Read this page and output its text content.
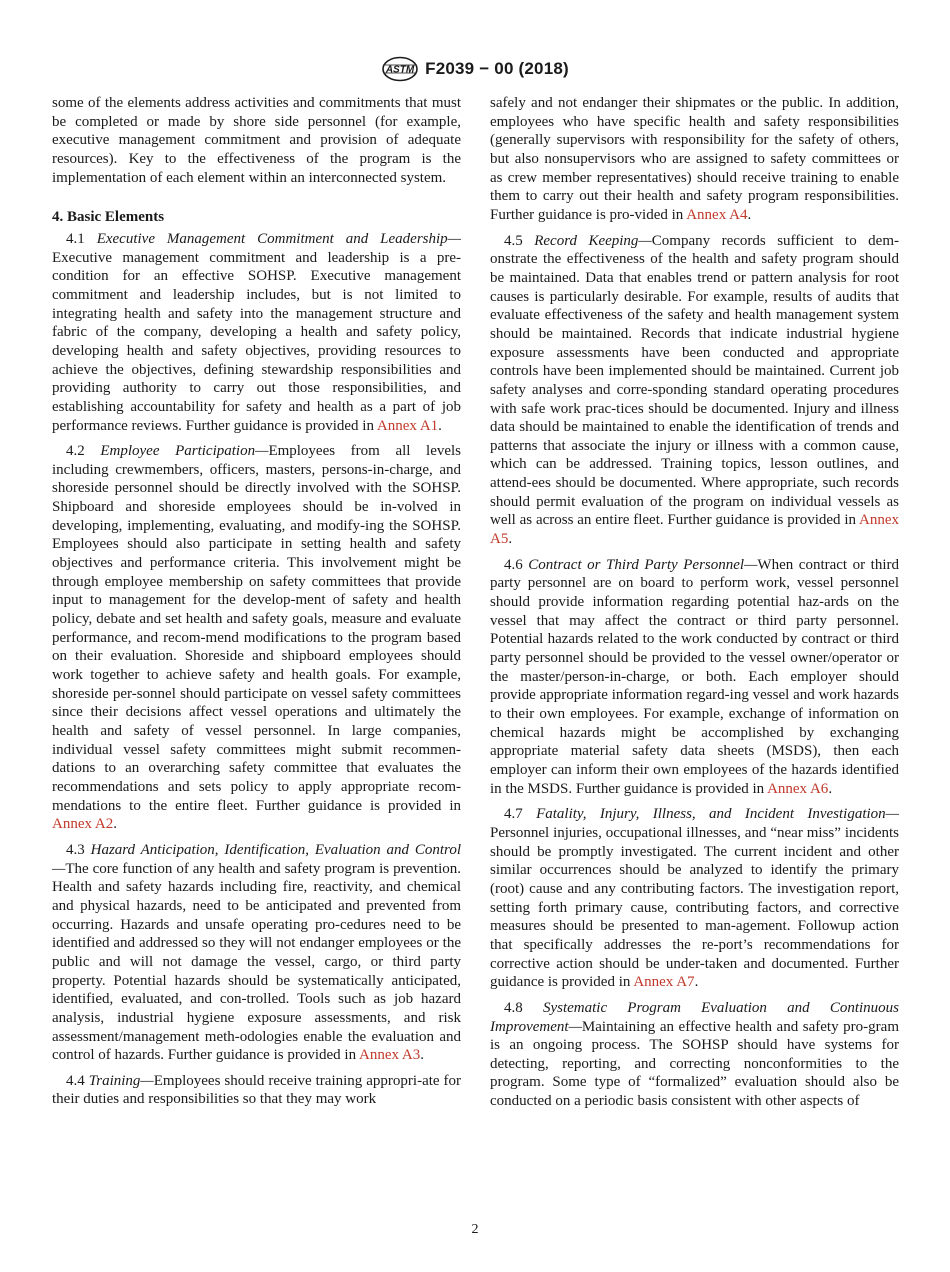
ASTM F2039 − 00 (2018)

some of the elements address activities and commitments that must be completed or made by shore side personnel (for example, executive management commitment and provision of adequate resources). Key to the effectiveness of the program is the implementation of each element within an interconnected system.

4. Basic Elements

4.1 Executive Management Commitment and Leadership—Executive management commitment and leadership is a pre-condition for an effective SOHSP. Executive management commitment and leadership includes, but is not limited to integrating health and safety into the management structure and fabric of the company, developing a health and safety policy, developing health and safety objectives, providing resources to achieve the objectives, defining stewardship responsibilities and providing authority to carry out those responsibilities, and establishing accountability for safety and health as a part of job performance reviews. Further guidance is provided in Annex A1.

4.2 Employee Participation—Employees from all levels including crewmembers, officers, masters, persons-in-charge, and shoreside personnel should be directly involved with the SOHSP. Shipboard and shoreside employees should be in-volved in developing, implementing, evaluating, and modify-ing the SOHSP. Employees should also participate in setting health and safety objectives and performance criteria. This involvement might be through employee membership on safety committees that provide input to management for the develop-ment of safety and health policy, debate and set health and safety goals, measure and evaluate performance, and recom-mend modifications to the program based on their evaluation. Shoreside and shipboard employees should work together to achieve safety and health goals. For example, shoreside per-sonnel should participate on vessel safety committees since their decisions affect vessel operations and ultimately the health and safety of vessel personnel. In large companies, individual vessel safety committees might submit recommen-dations to an overarching safety committee that evaluates the recommendations and sets policy to apply appropriate recom-mendations to the entire fleet. Further guidance is provided in Annex A2.

4.3 Hazard Anticipation, Identification, Evaluation and Control—The core function of any health and safety program is prevention. Health and safety hazards including fire, reactivity, and chemical and physical hazards, need to be anticipated and prevented from occurring. Hazards and unsafe operating pro-cedures need to be identified and addressed so they will not endanger employees or the public and will not damage the vessel, cargo, or third party property. Potential hazards should be systematically anticipated, identified, evaluated, and con-trolled. Tools such as job hazard analysis, industrial hygiene exposure assessments, and risk assessment/management meth-odologies enable the evaluation and control of hazards. Further guidance is provided in Annex A3.

4.4 Training—Employees should receive training appropri-ate for their duties and responsibilities so that they may work

safely and not endanger their shipmates or the public. In addition, employees who have specific health and safety responsibilities (generally supervisors with responsibility for the safety of others, but also nonsupervisors who are assigned to safety committees or as crew member representatives) should receive training to enable them to carry out their health and safety program responsibilities. Further guidance is pro-vided in Annex A4.

4.5 Record Keeping—Company records sufficient to dem-onstrate the effectiveness of the health and safety program should be maintained. Data that enables trend or pattern analysis for root causes is particularly desirable. For example, results of audits that evaluate effectiveness of the safety and health management system should be maintained. Records that indicate industrial hygiene exposure assessments have been conducted and appropriate controls have been implemented should be maintained. Current job safety analyses and corre-sponding standard operating procedures with safe work prac-tices should be documented. Injury and illness data should be maintained to enable the identification of trends and patterns that associate the injury or illness with a common cause, which can be addressed. Training topics, lesson outlines, and attend-ees should be documented. Where appropriate, such records should permit evaluation of the program on individual vessels as well as across an entire fleet. Further guidance is provided in Annex A5.

4.6 Contract or Third Party Personnel—When contract or third party personnel are on board to perform work, vessel personnel should provide information regarding potential haz-ards on the vessel that may affect the contract or third party personnel. Potential hazards related to the work conducted by contract or third party personnel should be provided to the vessel owner/operator or the master/person-in-charge, or both. Each employer should provide appropriate information regard-ing vessel and work hazards to their own employees. For example, exchange of information on chemical hazards might be accomplished by exchanging appropriate material safety data sheets (MSDS), then each employer can inform their own employees of the hazards identified in the MSDS. Further guidance is provided in Annex A6.

4.7 Fatality, Injury, Illness, and Incident Investigation—Personnel injuries, occupational illnesses, and “near miss” incidents should be promptly investigated. The current incident and other similar occurrences should be analyzed to identify the primary (root) cause and any contributing factors. The investigation report, setting forth primary cause, contributing factors, and corrective measures should be presented to man-agement. Followup action that specifically addresses the re-port’s recommendations for corrective action should be under-taken and documented. Further guidance is provided in Annex A7.

4.8 Systematic Program Evaluation and Continuous Improvement—Maintaining an effective health and safety pro-gram is an ongoing process. The SOHSP should have systems for detecting, reporting, and correcting nonconformities to the program. Some type of “formalized” evaluation should also be conducted on a periodic basis consistent with other aspects of

2
